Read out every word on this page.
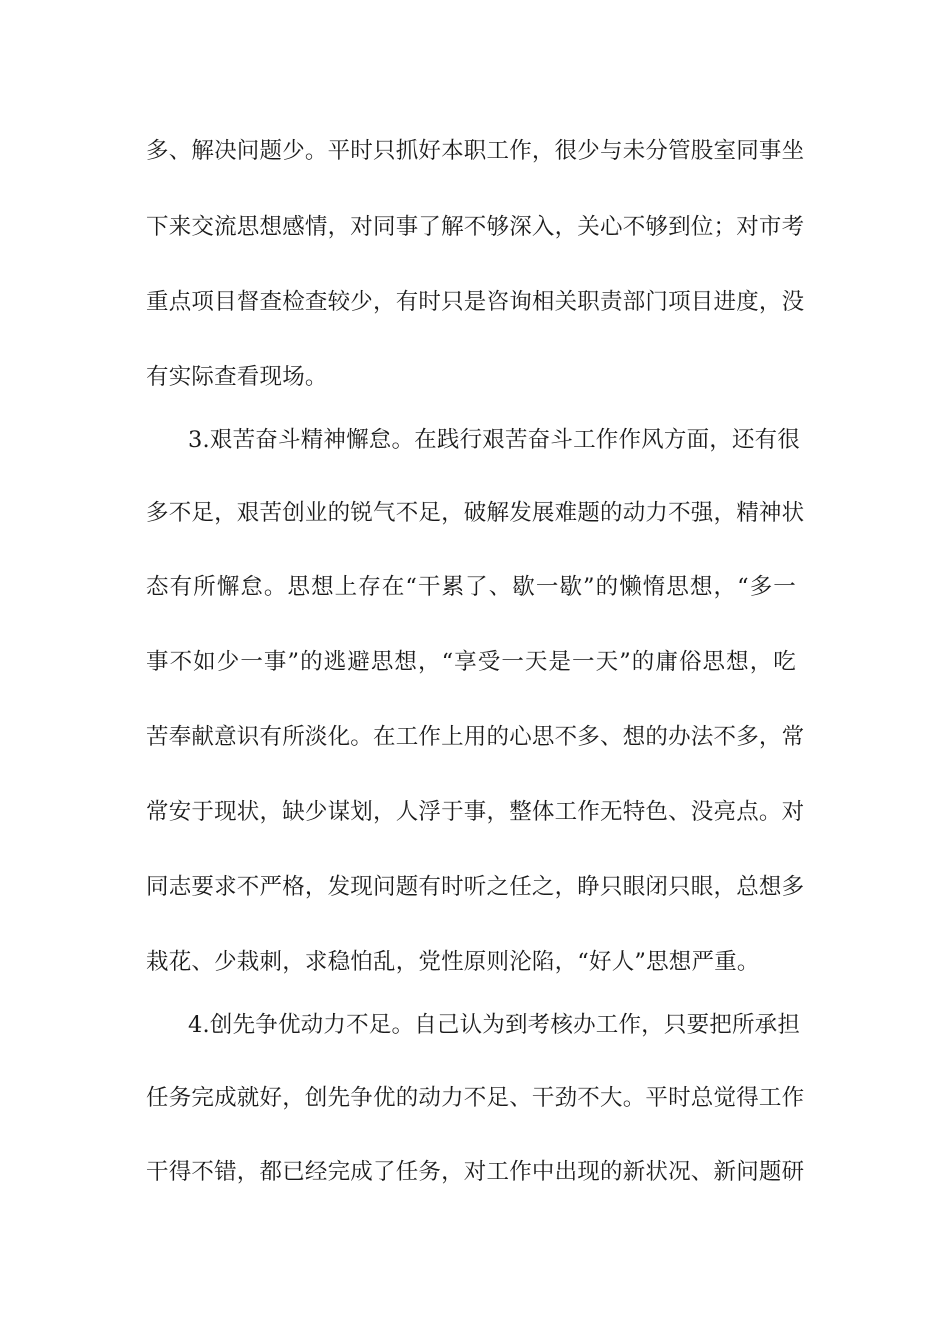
多、解决问题少。平时只抓好本职工作，很少与未分管股室同事坐
下来交流思想感情，对同事了解不够深入，关心不够到位；对市考
重点项目督查检查较少，有时只是咨询相关职责部门项目进度，没
有实际查看现场。
3.艰苦奋斗精神懈怠。在践行艰苦奋斗工作作风方面，还有很
多不足，艰苦创业的锐气不足，破解发展难题的动力不强，精神状
态有所懈怠。思想上存在“干累了、歇一歇”的懒惰思想，“多一
事不如少一事”的逃避思想，“享受一天是一天”的庸俗思想，吃
苦奉献意识有所淡化。在工作上用的心思不多、想的办法不多，常
常安于现状，缺少谋划，人浮于事，整体工作无特色、没亮点。对
同志要求不严格，发现问题有时听之任之，睁只眼闭只眼，总想多
栽花、少栽刺，求稳怕乱，党性原则沦陷，“好人”思想严重。
4.创先争优动力不足。自己认为到考核办工作，只要把所承担
任务完成就好，创先争优的动力不足、干劲不大。平时总觉得工作
干得不错，都已经完成了任务，对工作中出现的新状况、新问题研
